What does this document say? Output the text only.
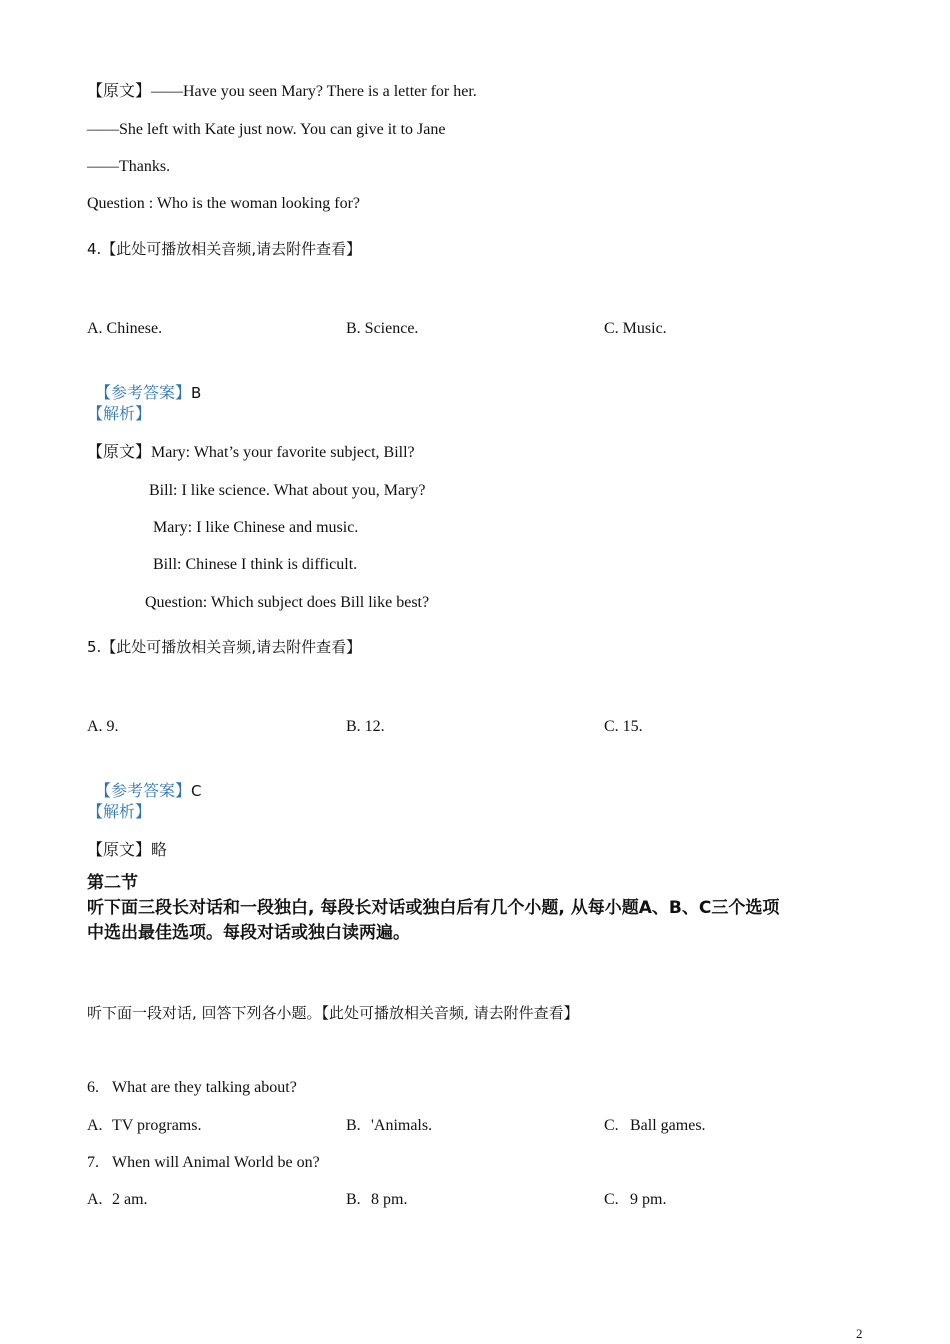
【原文】——Have you seen Mary? There is a letter for her.
——She left with Kate just now. You can give it to Jane
——Thanks.
Question : Who is the woman looking for?
4.【此处可播放相关音频,请去附件查看】
A. Chinese.	B. Science.	C. Music.

【参考答案】B

【解析】
【原文】Mary: What’s your favorite subject, Bill?
Bill: I like science. What about you, Mary?
Mary: I like Chinese and music.
Bill: Chinese I think is difficult.
Question: Which subject does Bill like best?
5.【此处可播放相关音频,请去附件查看】
A. 9.	B. 12.	C. 15.

【参考答案】C

【解析】
【原文】略
第二节
听下面三段长对话和一段独白, 每段长对话或独白后有几个小题, 从每小题A、B、C三个选项
中选出最佳选项。每段对话或独白读两遍。
听下面一段对话, 回答下列各小题。【此处可播放相关音频, 请去附件查看】
6. What are they talking about?
A. TV programs.	B. 'Animals.	C. Ball games.
7. When will Animal World be on?
A. 2 am.	B. 8 pm.	C. 9 pm.
2
